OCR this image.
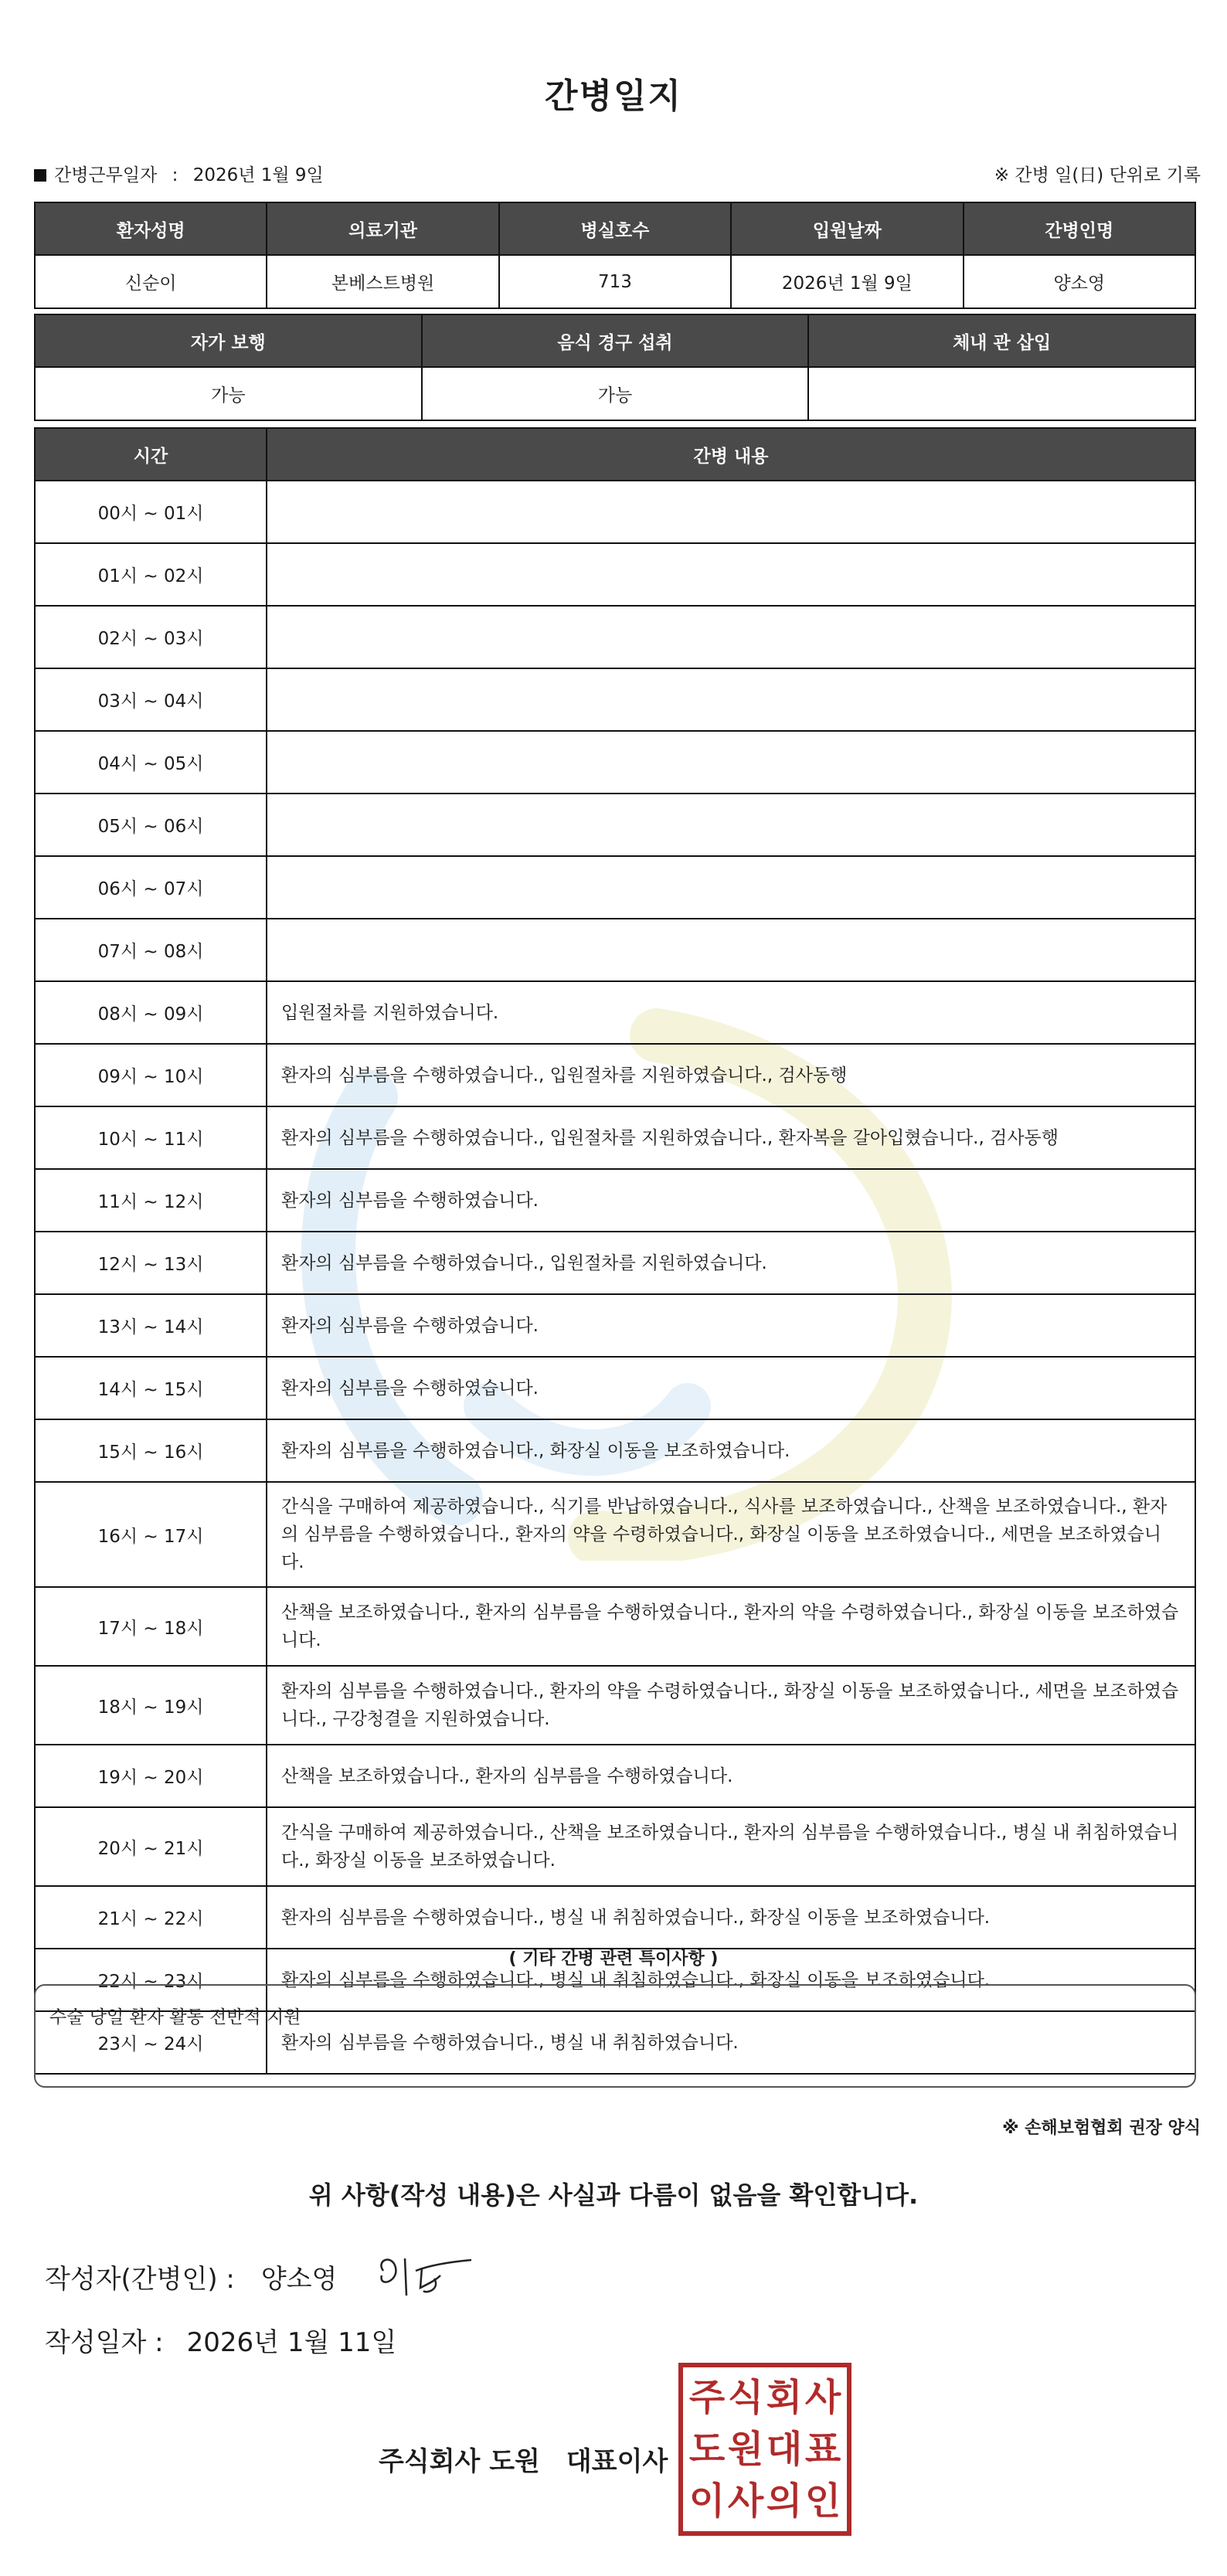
간병일지
간병근무일자 : 2026년 1월 9일	※ 간병 일(日) 단위로 기록
환자성명	의료기관	병실호수	입원날짜	간병인명
신순이	본베스트병원	713	2026년 1월 9일	양소영
자가 보행	음식 경구 섭취	체내 관 삽입
가능	가능	
시간	간병 내용
00시 ~ 01시	
01시 ~ 02시	
02시 ~ 03시	
03시 ~ 04시	
04시 ~ 05시	
05시 ~ 06시	
06시 ~ 07시	
07시 ~ 08시	
08시 ~ 09시	입원절차를 지원하였습니다.
09시 ~ 10시	환자의 심부름을 수행하였습니다., 입원절차를 지원하였습니다., 검사동행
10시 ~ 11시	환자의 심부름을 수행하였습니다., 입원절차를 지원하였습니다., 환자복을 갈아입혔습니다., 검사동행
11시 ~ 12시	환자의 심부름을 수행하였습니다.
12시 ~ 13시	환자의 심부름을 수행하였습니다., 입원절차를 지원하였습니다.
13시 ~ 14시	환자의 심부름을 수행하였습니다.
14시 ~ 15시	환자의 심부름을 수행하였습니다.
15시 ~ 16시	환자의 심부름을 수행하였습니다., 화장실 이동을 보조하였습니다.
16시 ~ 17시	간식을 구매하여 제공하였습니다., 식기를 반납하였습니다., 식사를 보조하였습니다., 산책을 보조하였습니다., 환자의 심부름을 수행하였습니다., 환자의 약을 수령하였습니다., 화장실 이동을 보조하였습니다., 세면을 보조하였습니다.
17시 ~ 18시	산책을 보조하였습니다., 환자의 심부름을 수행하였습니다., 환자의 약을 수령하였습니다., 화장실 이동을 보조하였습니다.
18시 ~ 19시	환자의 심부름을 수행하였습니다., 환자의 약을 수령하였습니다., 화장실 이동을 보조하였습니다., 세면을 보조하였습니다., 구강청결을 지원하였습니다.
19시 ~ 20시	산책을 보조하였습니다., 환자의 심부름을 수행하였습니다.
20시 ~ 21시	간식을 구매하여 제공하였습니다., 산책을 보조하였습니다., 환자의 심부름을 수행하였습니다., 병실 내 취침하였습니다., 화장실 이동을 보조하였습니다.
21시 ~ 22시	환자의 심부름을 수행하였습니다., 병실 내 취침하였습니다., 화장실 이동을 보조하였습니다.
22시 ~ 23시	환자의 심부름을 수행하였습니다., 병실 내 취침하였습니다., 화장실 이동을 보조하였습니다.
23시 ~ 24시	환자의 심부름을 수행하였습니다., 병실 내 취침하였습니다.
( 기타 간병 관련 특이사항 )
수술 당일 환자 활동 전반적 지원
※ 손해보험협회 권장 양식
위 사항(작성 내용)은 사실과 다름이 없음을 확인합니다.
작성자(간병인) : 양소영
작성일자 : 2026년 1월 11일
주식회사 도원 대표이사
주 식 회 사
도 원 대 표
이 사 의 인
